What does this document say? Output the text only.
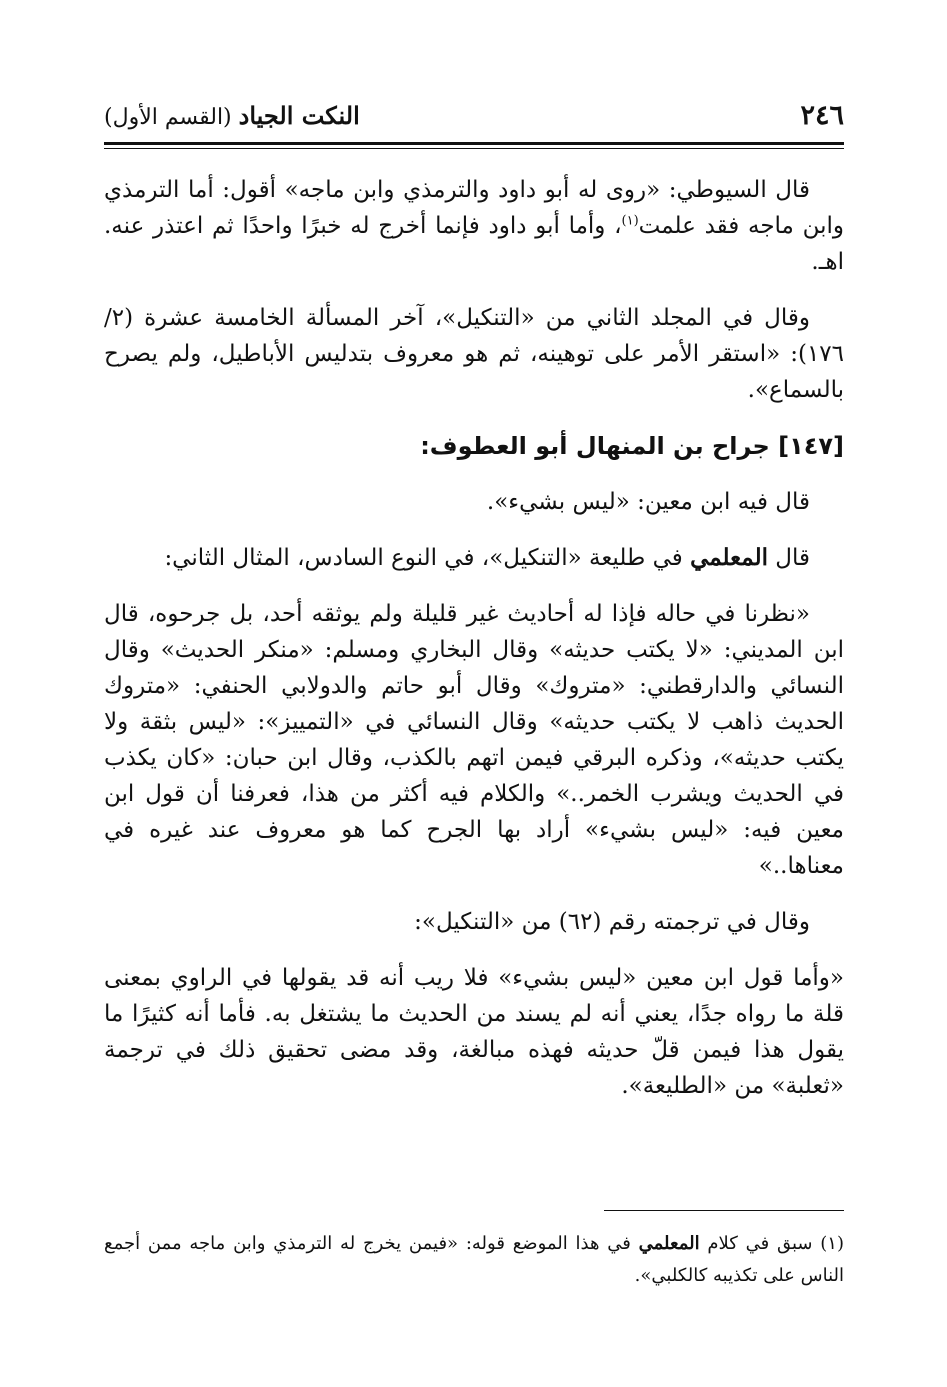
٢٤٦
النكت الجياد (القسم الأول)

قال السيوطي: «روى له أبو داود والترمذي وابن ماجه» أقول: أما الترمذي وابن ماجه فقد علمت$^{(١)}$، وأما أبو داود فإنما أخرج له خبرًا واحدًا ثم اعتذر عنه. اهـ.

وقال في المجلد الثاني من «التنكيل»، آخر المسألة الخامسة عشرة (٢/ ١٧٦): «استقر الأمر على توهينه، ثم هو معروف بتدليس الأباطيل، ولم يصرح بالسماع».

[١٤٧] جراح بن المنهال أبو العطوف:

قال فيه ابن معين: «ليس بشيء».

قال المعلمي في طليعة «التنكيل»، في النوع السادس، المثال الثاني:

«نظرنا في حاله فإذا له أحاديث غير قليلة ولم يوثقه أحد، بل جرحوه، قال ابن المديني: «لا يكتب حديثه» وقال البخاري ومسلم: «منكر الحديث» وقال النسائي والدارقطني: «متروك» وقال أبو حاتم والدولابي الحنفي: «متروك الحديث ذاهب لا يكتب حديثه» وقال النسائي في «التمييز»: «ليس بثقة ولا يكتب حديثه»، وذكره البرقي فيمن اتهم بالكذب، وقال ابن حبان: «كان يكذب في الحديث ويشرب الخمر..» والكلام فيه أكثر من هذا، فعرفنا أن قول ابن معين فيه: «ليس بشيء» أراد بها الجرح كما هو معروف عند غيره في معناها..»

وقال في ترجمته رقم (٦٢) من «التنكيل»:

«وأما قول ابن معين «ليس بشيء» فلا ريب أنه قد يقولها في الراوي بمعنى قلة ما رواه جدًا، يعني أنه لم يسند من الحديث ما يشتغل به. فأما أنه كثيرًا ما يقول هذا فيمن قلّ حديثه فهذه مبالغة، وقد مضى تحقيق ذلك في ترجمة «ثعلبة» من «الطليعة».

(١) سبق في كلام المعلمي في هذا الموضع قوله: «فيمن يخرج له الترمذي وابن ماجه ممن أجمع الناس على تكذيبه كالكلبي».
